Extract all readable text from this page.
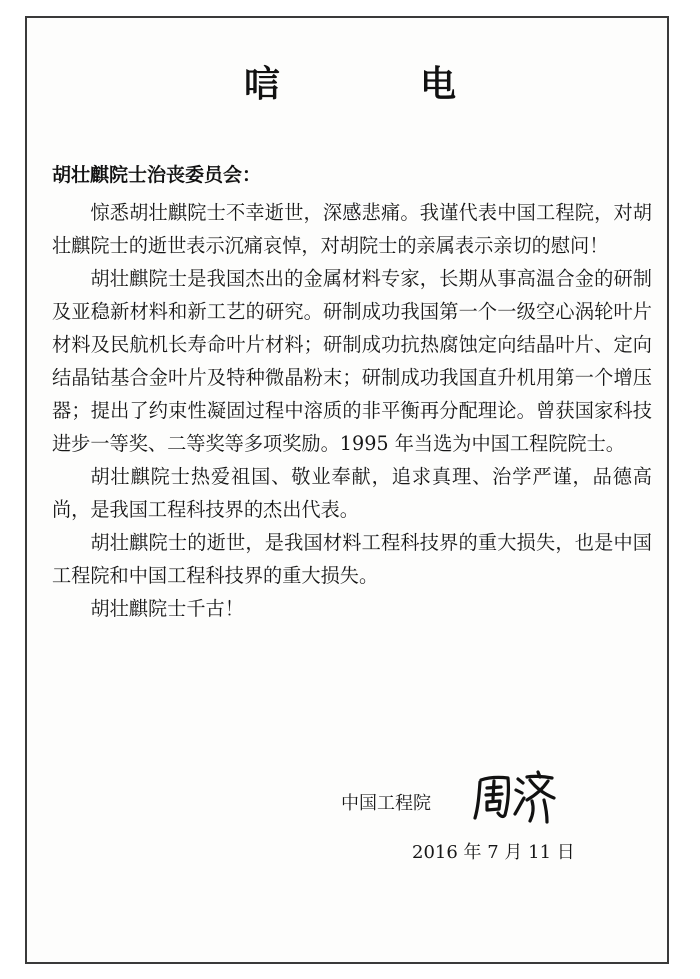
唁　电
胡壮麒院士治丧委员会：

惊悉胡壮麒院士不幸逝世，深感悲痛。我谨代表中国工程院，对胡壮麒院士的逝世表示沉痛哀悼，对胡院士的亲属表示亲切的慰问！

胡壮麒院士是我国杰出的金属材料专家，长期从事高温合金的研制及亚稳新材料和新工艺的研究。研制成功我国第一个一级空心涡轮叶片材料及民航机长寿命叶片材料；研制成功抗热腐蚀定向结晶叶片、定向结晶钴基合金叶片及特种微晶粉末；研制成功我国直升机用第一个增压器；提出了约束性凝固过程中溶质的非平衡再分配理论。曾获国家科技进步一等奖、二等奖等多项奖励。1995 年当选为中国工程院院士。

胡壮麒院士热爱祖国、敬业奉献，追求真理、治学严谨，品德高尚，是我国工程科技界的杰出代表。

胡壮麒院士的逝世，是我国材料工程科技界的重大损失，也是中国工程院和中国工程科技界的重大损失。

胡壮麒院士千古！

中国工程院
2016 年 7 月 11 日
